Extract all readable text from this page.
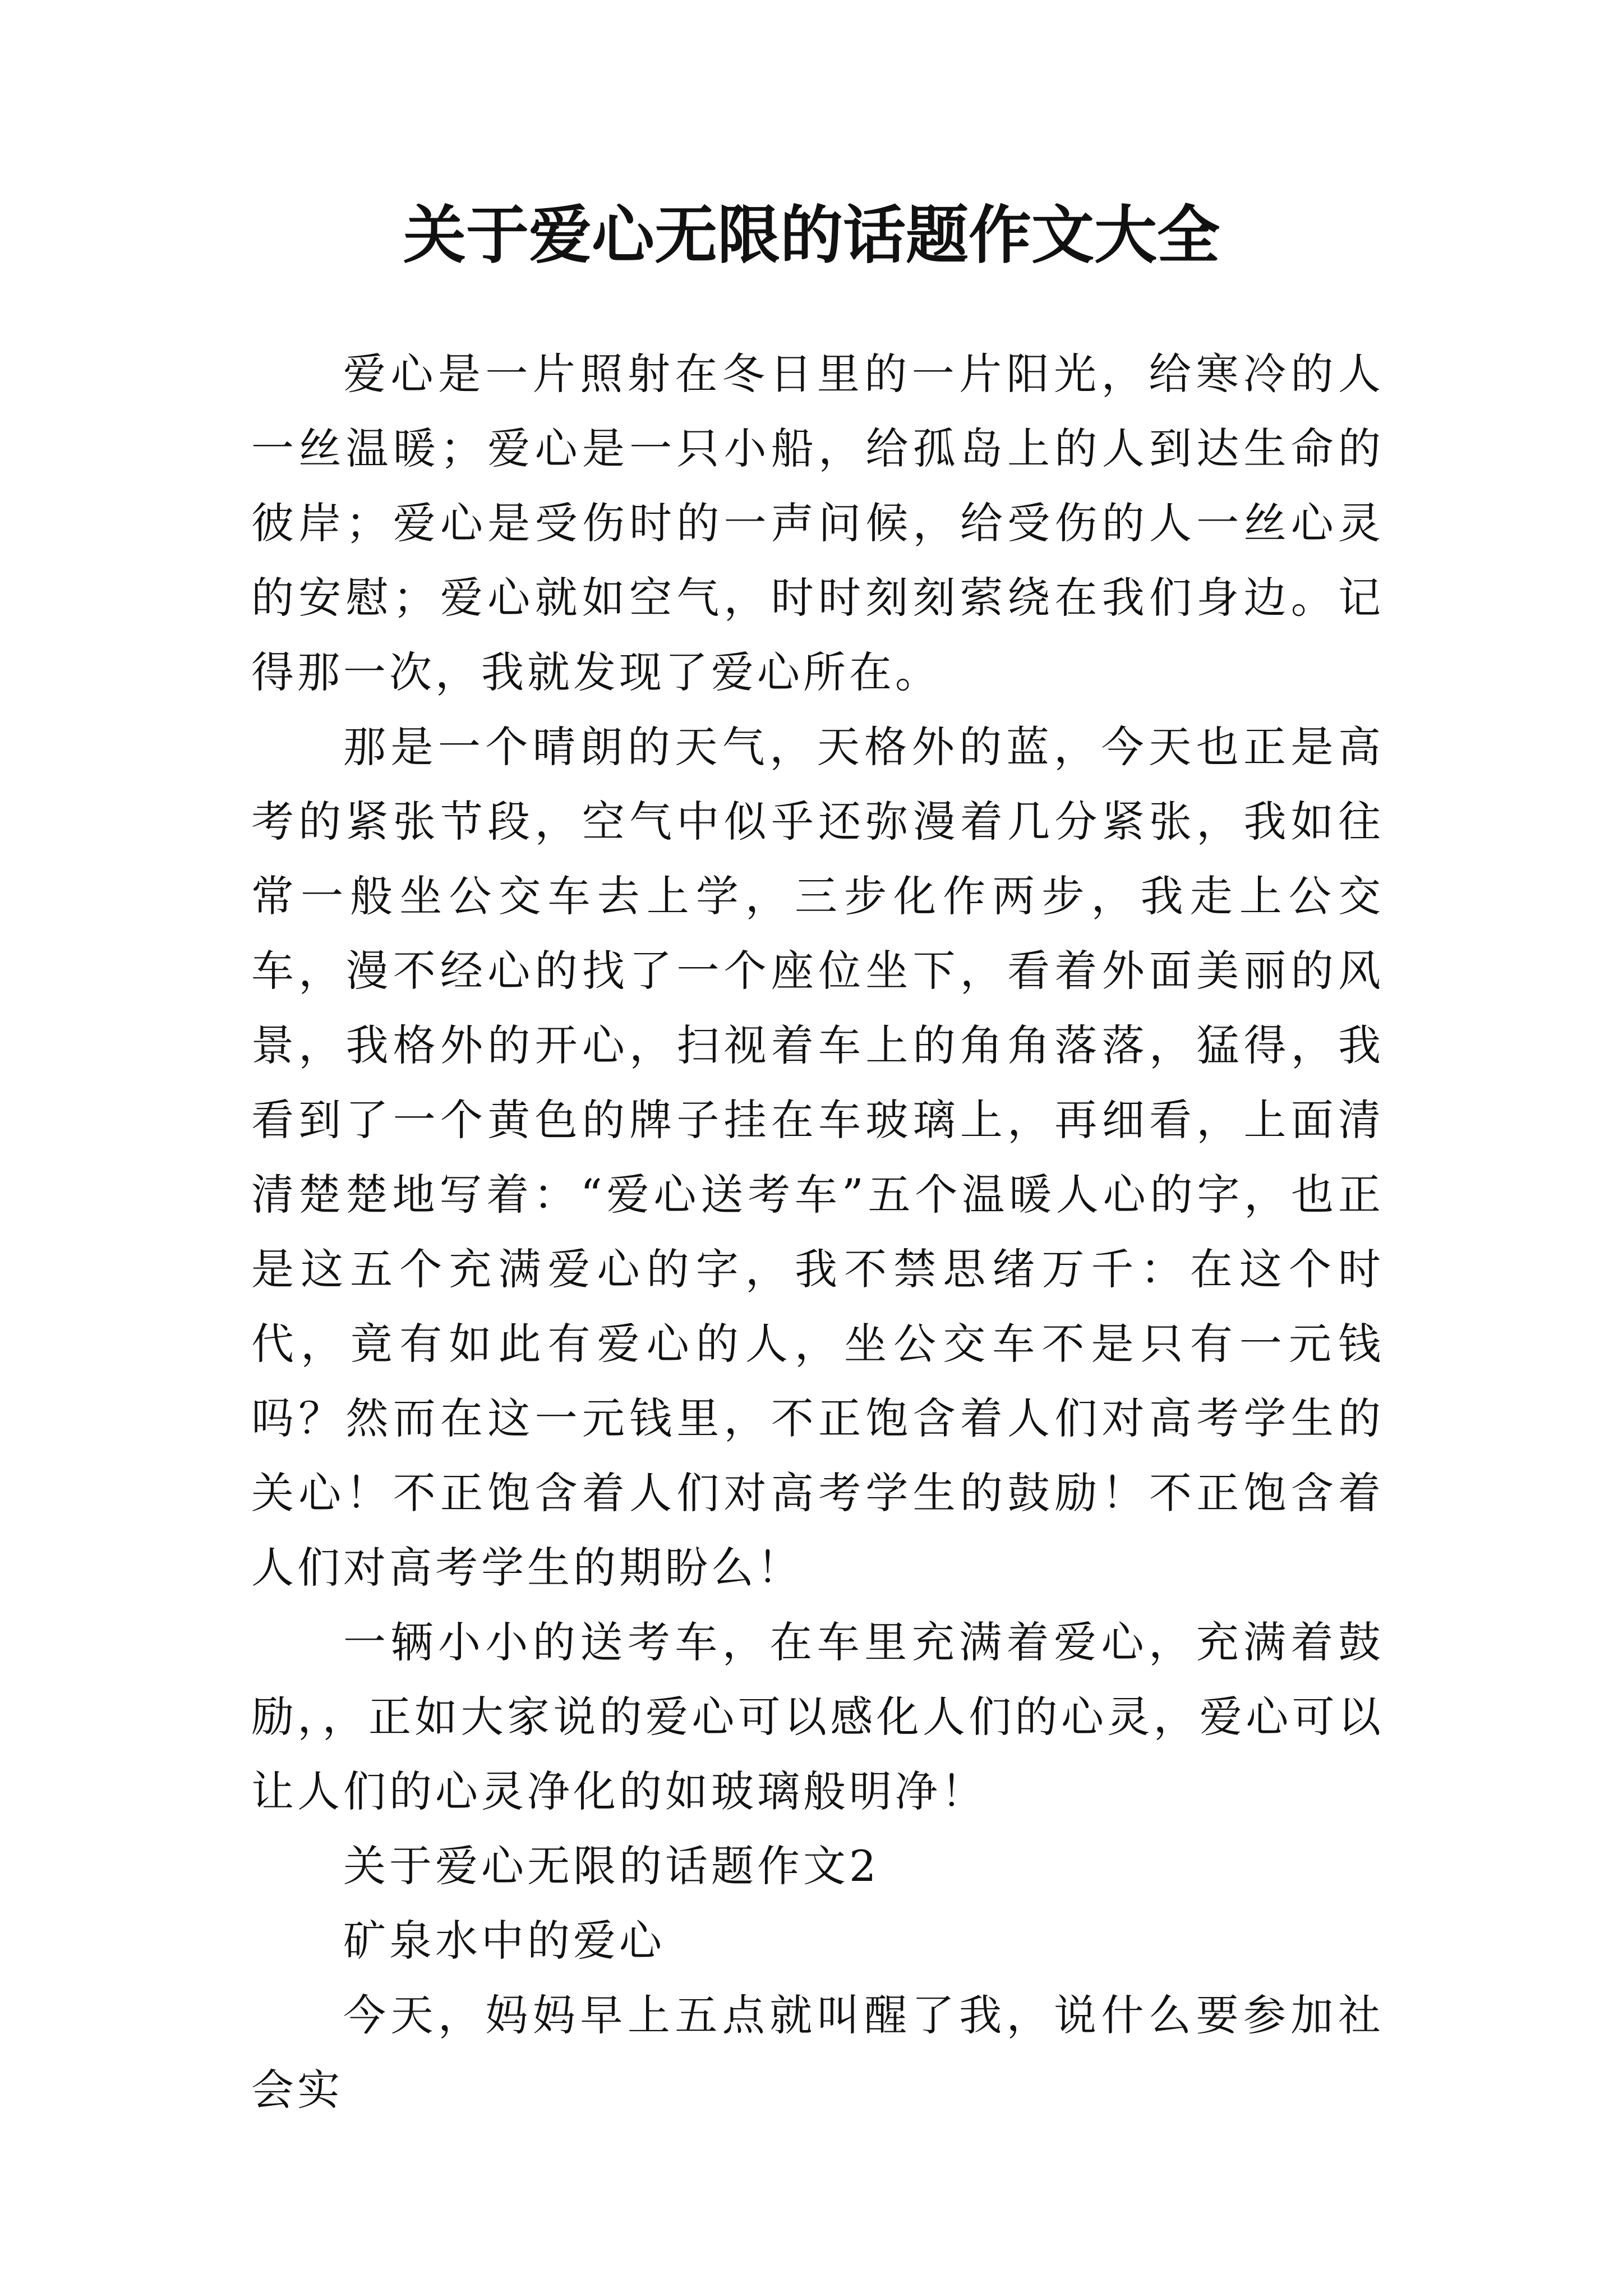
关于爱心无限的话题作文大全

爱心是一片照射在冬日里的一片阳光，给寒冷的人一丝温暖；爱心是一只小船，给孤岛上的人到达生命的彼岸；爱心是受伤时的一声问候，给受伤的人一丝心灵的安慰；爱心就如空气，时时刻刻萦绕在我们身边。记得那一次，我就发现了爱心所在。

那是一个晴朗的天气，天格外的蓝，今天也正是高考的紧张节段，空气中似乎还弥漫着几分紧张，我如往常一般坐公交车去上学，三步化作两步，我走上公交车，漫不经心的找了一个座位坐下，看着外面美丽的风景，我格外的开心，扫视着车上的角角落落，猛得，我看到了一个黄色的牌子挂在车玻璃上，再细看，上面清清楚楚地写着：“爱心送考车”五个温暖人心的字，也正是这五个充满爱心的字，我不禁思绪万千：在这个时代，竟有如此有爱心的人，坐公交车不是只有一元钱吗？然而在这一元钱里，不正饱含着人们对高考学生的关心！不正饱含着人们对高考学生的鼓励！不正饱含着人们对高考学生的期盼么！

一辆小小的送考车，在车里充满着爱心，充满着鼓励，，正如大家说的爱心可以感化人们的心灵，爱心可以让人们的心灵净化的如玻璃般明净！

关于爱心无限的话题作文2

矿泉水中的爱心

今天，妈妈早上五点就叫醒了我，说什么要参加社会实
